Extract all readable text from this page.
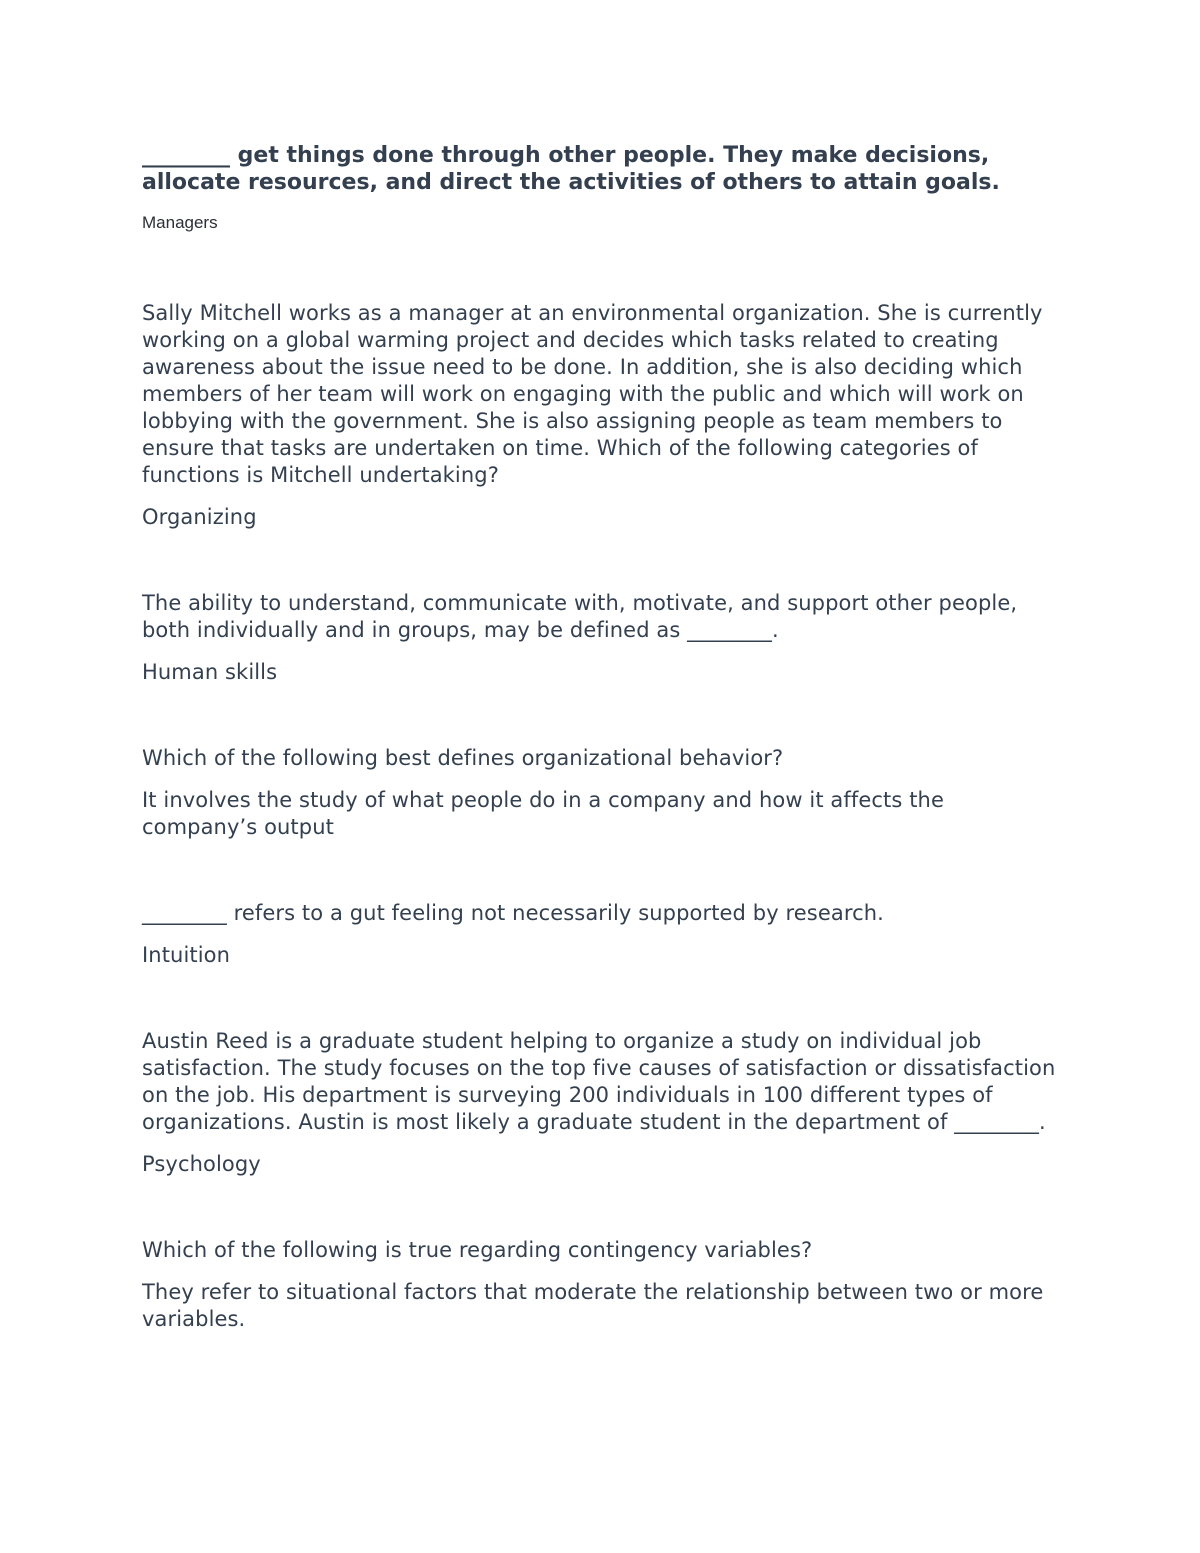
________ get things done through other people. They make decisions, allocate resources, and direct the activities of others to attain goals.

Managers

Sally Mitchell works as a manager at an environmental organization. She is currently working on a global warming project and decides which tasks related to creating awareness about the issue need to be done. In addition, she is also deciding which members of her team will work on engaging with the public and which will work on lobbying with the government. She is also assigning people as team members to ensure that tasks are undertaken on time. Which of the following categories of functions is Mitchell undertaking?

Organizing

The ability to understand, communicate with, motivate, and support other people, both individually and in groups, may be defined as ________.

Human skills

Which of the following best defines organizational behavior?

It involves the study of what people do in a company and how it affects the company’s output

________ refers to a gut feeling not necessarily supported by research.

Intuition

Austin Reed is a graduate student helping to organize a study on individual job satisfaction. The study focuses on the top five causes of satisfaction or dissatisfaction on the job. His department is surveying 200 individuals in 100 different types of organizations. Austin is most likely a graduate student in the department of ________.

Psychology

Which of the following is true regarding contingency variables?

They refer to situational factors that moderate the relationship between two or more variables.
